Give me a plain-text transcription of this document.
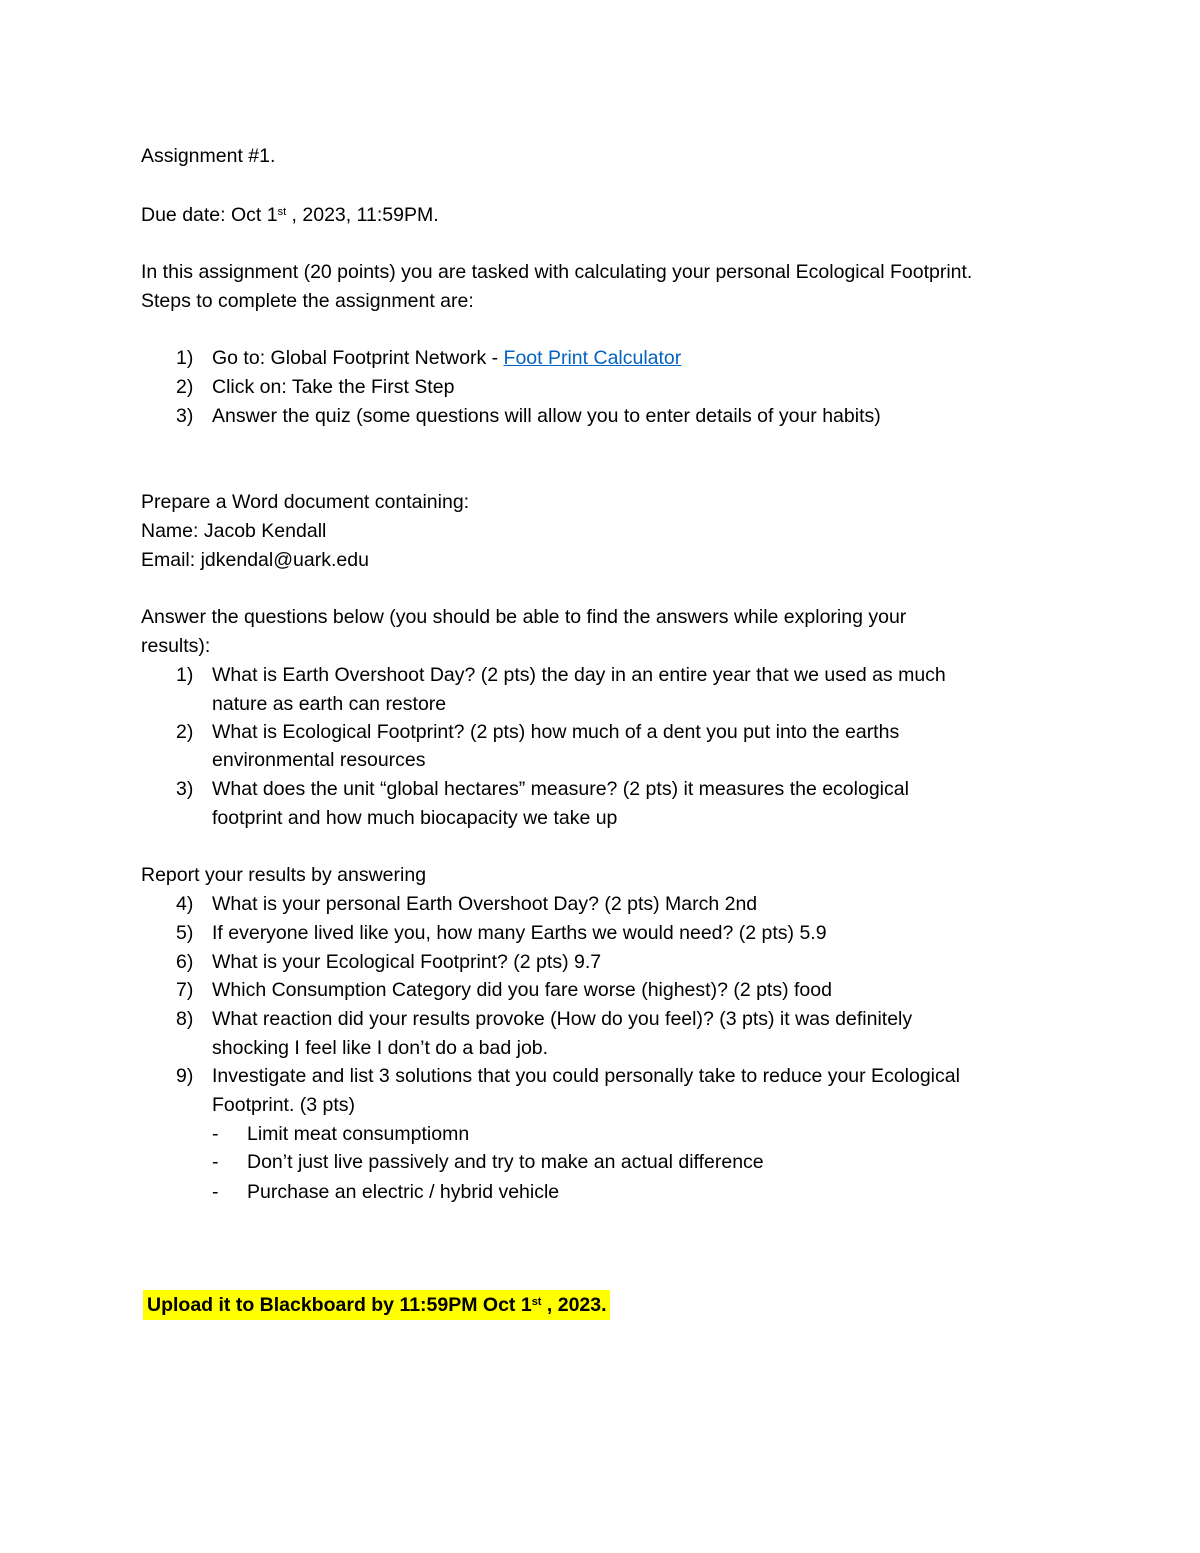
Assignment #1.
Due date: Oct 1st , 2023, 11:59PM.
In this assignment (20 points) you are tasked with calculating your personal Ecological Footprint.
Steps to complete the assignment are:
1) Go to: Global Footprint Network - Foot Print Calculator
2) Click on: Take the First Step
3) Answer the quiz (some questions will allow you to enter details of your habits)
Prepare a Word document containing:
Name: Jacob Kendall
Email: jdkendal@uark.edu
Answer the questions below (you should be able to find the answers while exploring your
results):
1) What is Earth Overshoot Day? (2 pts) the day in an entire year that we used as much
nature as earth can restore
2) What is Ecological Footprint? (2 pts) how much of a dent you put into the earths
environmental resources
3) What does the unit “global hectares” measure? (2 pts) it measures the ecological
footprint and how much biocapacity we take up
Report your results by answering
4) What is your personal Earth Overshoot Day? (2 pts) March 2nd
5) If everyone lived like you, how many Earths we would need? (2 pts) 5.9
6) What is your Ecological Footprint? (2 pts) 9.7
7) Which Consumption Category did you fare worse (highest)? (2 pts) food
8) What reaction did your results provoke (How do you feel)? (3 pts) it was definitely
shocking I feel like I don’t do a bad job.
9) Investigate and list 3 solutions that you could personally take to reduce your Ecological
Footprint. (3 pts)
- Limit meat consumptiomn
- Don’t just live passively and try to make an actual difference
- Purchase an electric / hybrid vehicle
Upload it to Blackboard by 11:59PM Oct 1st , 2023.
